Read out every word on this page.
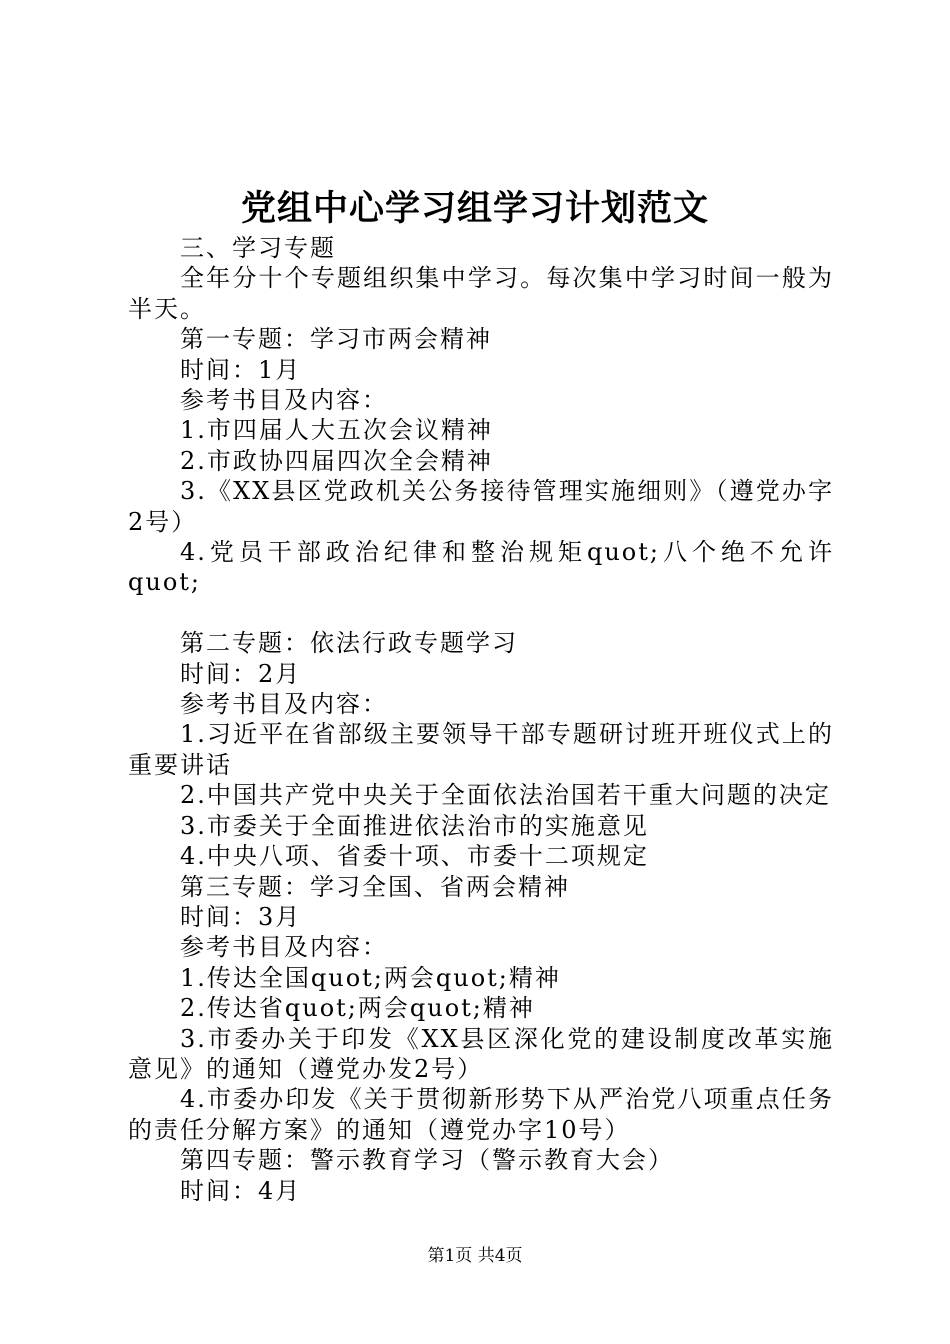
党组中心学习组学习计划范文

三、学习专题

全年分十个专题组织集中学习。每次集中学习时间一般为半天。

第一专题：学习市两会精神

时间：1月

参考书目及内容：

1.市四届人大五次会议精神

2.市政协四届四次全会精神

3.《XX县区党政机关公务接待管理实施细则》（遵党办字2号）

4.党员干部政治纪律和整治规矩quot;八个绝不允许quot;

第二专题：依法行政专题学习

时间：2月

参考书目及内容：

1.习近平在省部级主要领导干部专题研讨班开班仪式上的重要讲话

2.中国共产党中央关于全面依法治国若干重大问题的决定

3.市委关于全面推进依法治市的实施意见

4.中央八项、省委十项、市委十二项规定

第三专题：学习全国、省两会精神

时间：3月

参考书目及内容：

1.传达全国quot;两会quot;精神

2.传达省quot;两会quot;精神

3.市委办关于印发《XX县区深化党的建设制度改革实施意见》的通知（遵党办发2号）

4.市委办印发《关于贯彻新形势下从严治党八项重点任务的责任分解方案》的通知（遵党办字10号）

第四专题：警示教育学习（警示教育大会）

时间：4月

第1页 共4页
